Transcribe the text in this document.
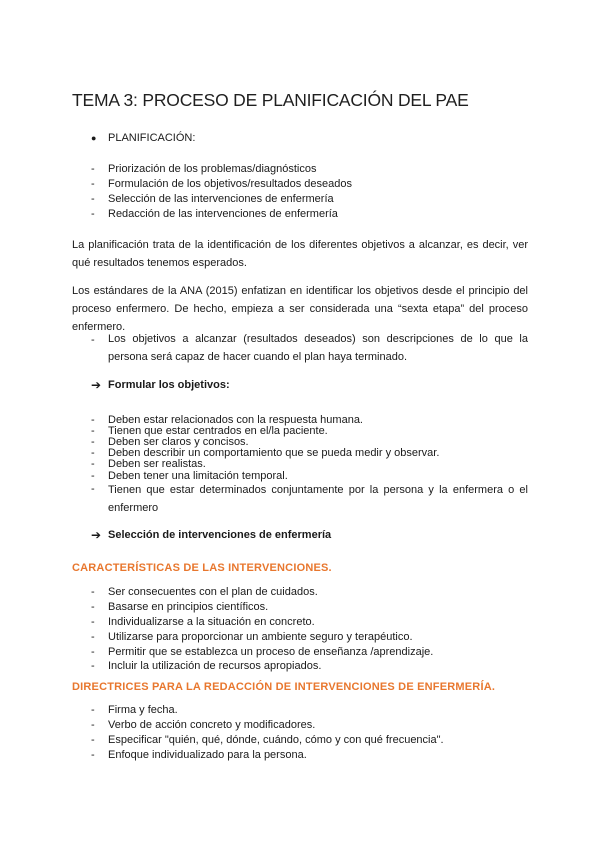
TEMA 3: PROCESO DE PLANIFICACIÓN DEL PAE
● PLANIFICACIÓN:
- Priorización de los problemas/diagnósticos
- Formulación de los objetivos/resultados deseados
- Selección de las intervenciones de enfermería
- Redacción de las intervenciones de enfermería
La planificación trata de la identificación de los diferentes objetivos a alcanzar, es decir, ver qué resultados tenemos esperados.
Los estándares de la ANA (2015) enfatizan en identificar los objetivos desde el principio del proceso enfermero. De hecho, empieza a ser considerada una “sexta etapa” del proceso enfermero.
- Los objetivos a alcanzar (resultados deseados) son descripciones de lo que la persona será capaz de hacer cuando el plan haya terminado.
➔ Formular los objetivos:
- Deben estar relacionados con la respuesta humana.
- Tienen que estar centrados en el/la paciente.
- Deben ser claros y concisos.
- Deben describir un comportamiento que se pueda medir y observar.
- Deben ser realistas.
- Deben tener una limitación temporal.
- Tienen que estar determinados conjuntamente por la persona y la enfermera o el enfermero
➔ Selección de intervenciones de enfermería
CARACTERÍSTICAS DE LAS INTERVENCIONES.
- Ser consecuentes con el plan de cuidados.
- Basarse en principios científicos.
- Individualizarse a la situación en concreto.
- Utilizarse para proporcionar un ambiente seguro y terapéutico.
- Permitir que se establezca un proceso de enseñanza /aprendizaje.
- Incluir la utilización de recursos apropiados.
DIRECTRICES PARA LA REDACCIÓN DE INTERVENCIONES DE ENFERMERÍA.
- Firma y fecha.
- Verbo de acción concreto y modificadores.
- Especificar "quién, qué, dónde, cuándo, cómo y con qué frecuencia".
- Enfoque individualizado para la persona.
